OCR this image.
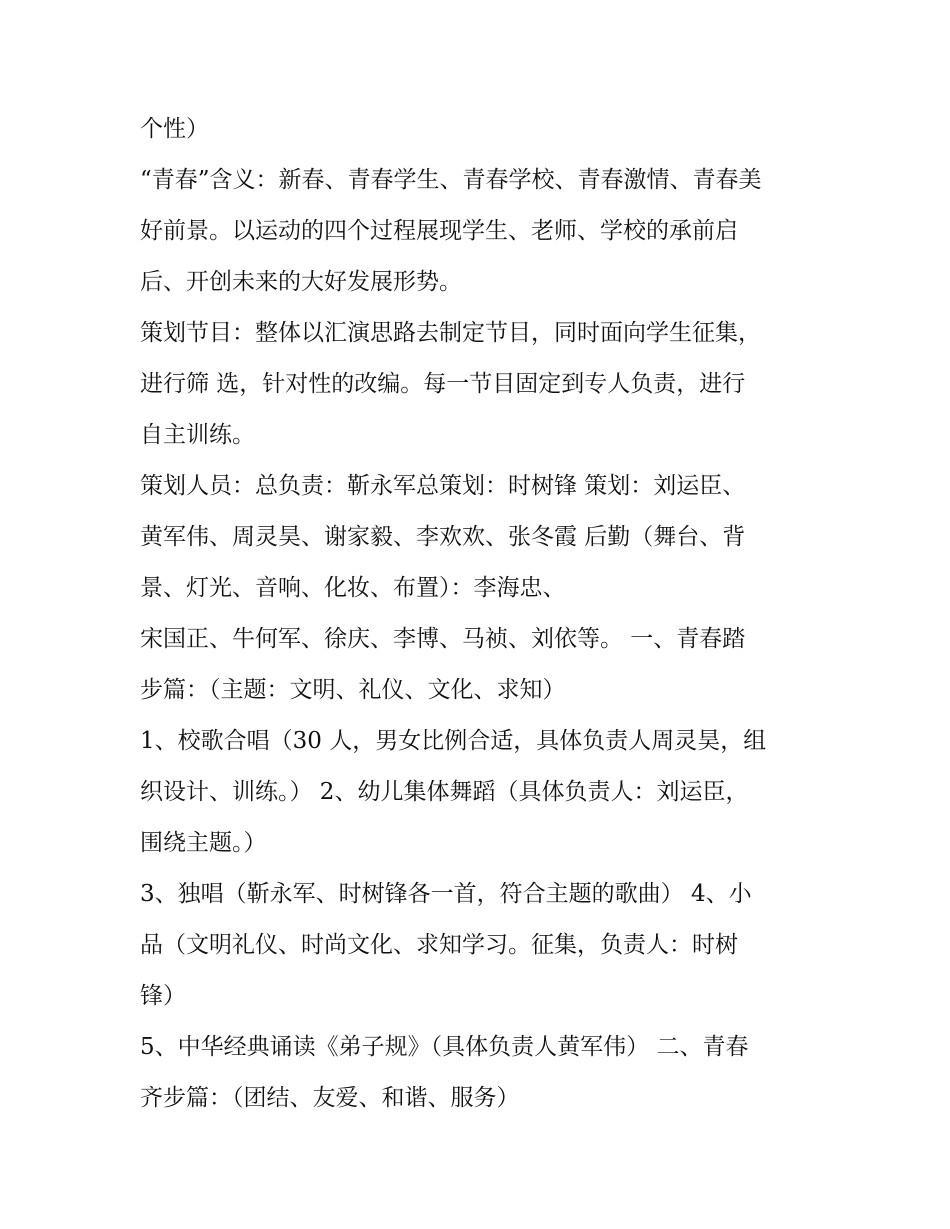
个性）

“青春”含义：新春、青春学生、青春学校、青春激情、青春美

好前景。以运动的四个过程展现学生、老师、学校的承前启

后、开创未来的大好发展形势。

策划节目：整体以汇演思路去制定节目，同时面向学生征集，

进行筛 选，针对性的改编。每一节目固定到专人负责，进行

自主训练。

策划人员：总负责：靳永军总策划：时树锋 策划：刘运臣、

黄军伟、周灵昊、谢家毅、李欢欢、张冬霞 后勤（舞台、背

景、灯光、音响、化妆、布置）：李海忠、

宋国正、牛何军、徐庆、李博、马祯、刘依等。 一、青春踏

步篇：（主题：文明、礼仪、文化、求知）

1、校歌合唱（30 人，男女比例合适，具体负责人周灵昊，组

织设计、训练。） 2、幼儿集体舞蹈（具体负责人：刘运臣，

围绕主题。）

3、独唱（靳永军、时树锋各一首，符合主题的歌曲） 4、小

品（文明礼仪、时尚文化、求知学习。征集，负责人：时树

锋）

5、中华经典诵读《弟子规》（具体负责人黄军伟） 二、青春

齐步篇：（团结、友爱、和谐、服务）
